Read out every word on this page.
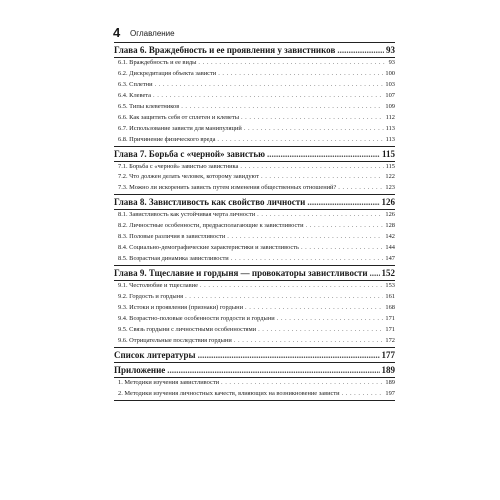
4	Оглавление
Глава 6. Враждебность и ее проявления у завистников .....	93
6.1. Враждебность и ее виды . . .	93
6.2. Дискредитация объекта зависти . . .	100
6.3. Сплетни . . .	103
6.4. Клевета . . .	107
6.5. Типы клеветников . . .	109
6.6. Как защитить себя от сплетен и клеветы . . .	112
6.7. Использование зависти для манипуляций . . .	113
6.8. Причинение физического вреда . . .	113
Глава 7. Борьба с «черной» завистью .....	115
7.1. Борьба с «черной» завистью завистника . . .	115
7.2. Что должен делать человек, которому завидуют . . .	122
7.3. Можно ли искоренить зависть путем изменения общественных отношений? . . .	123
Глава 8. Завистливость как свойство личности .....	126
8.1. Завистливость как устойчивая черта личности . . .	126
8.2. Личностные особенности, предрасполагающие к завистливости . . .	128
8.3. Половые различия в завистливости . . .	142
8.4. Социально-демографические характеристики и завистливость . . .	144
8.5. Возрастная динамика завистливости . . .	147
Глава 9. Тщеславие и гордыня — провокаторы завистливости ..... 152
9.1. Честолюбие и тщеславие . . .	153
9.2. Гордость и гордыня . . .	161
9.3. Истоки и проявления (признаки) гордыни . . .	168
9.4. Возрастно-половые особенности гордости и гордыни . . .	171
9.5. Связь гордыни с личностными особенностями . . .	171
9.6. Отрицательные последствия гордыни . . .	172
Список литературы .....	177
Приложение .....	189
1. Методики изучения завистливости . . .	189
2. Методики изучения личностных качеств, влияющих на возникновение зависти . . .	197
